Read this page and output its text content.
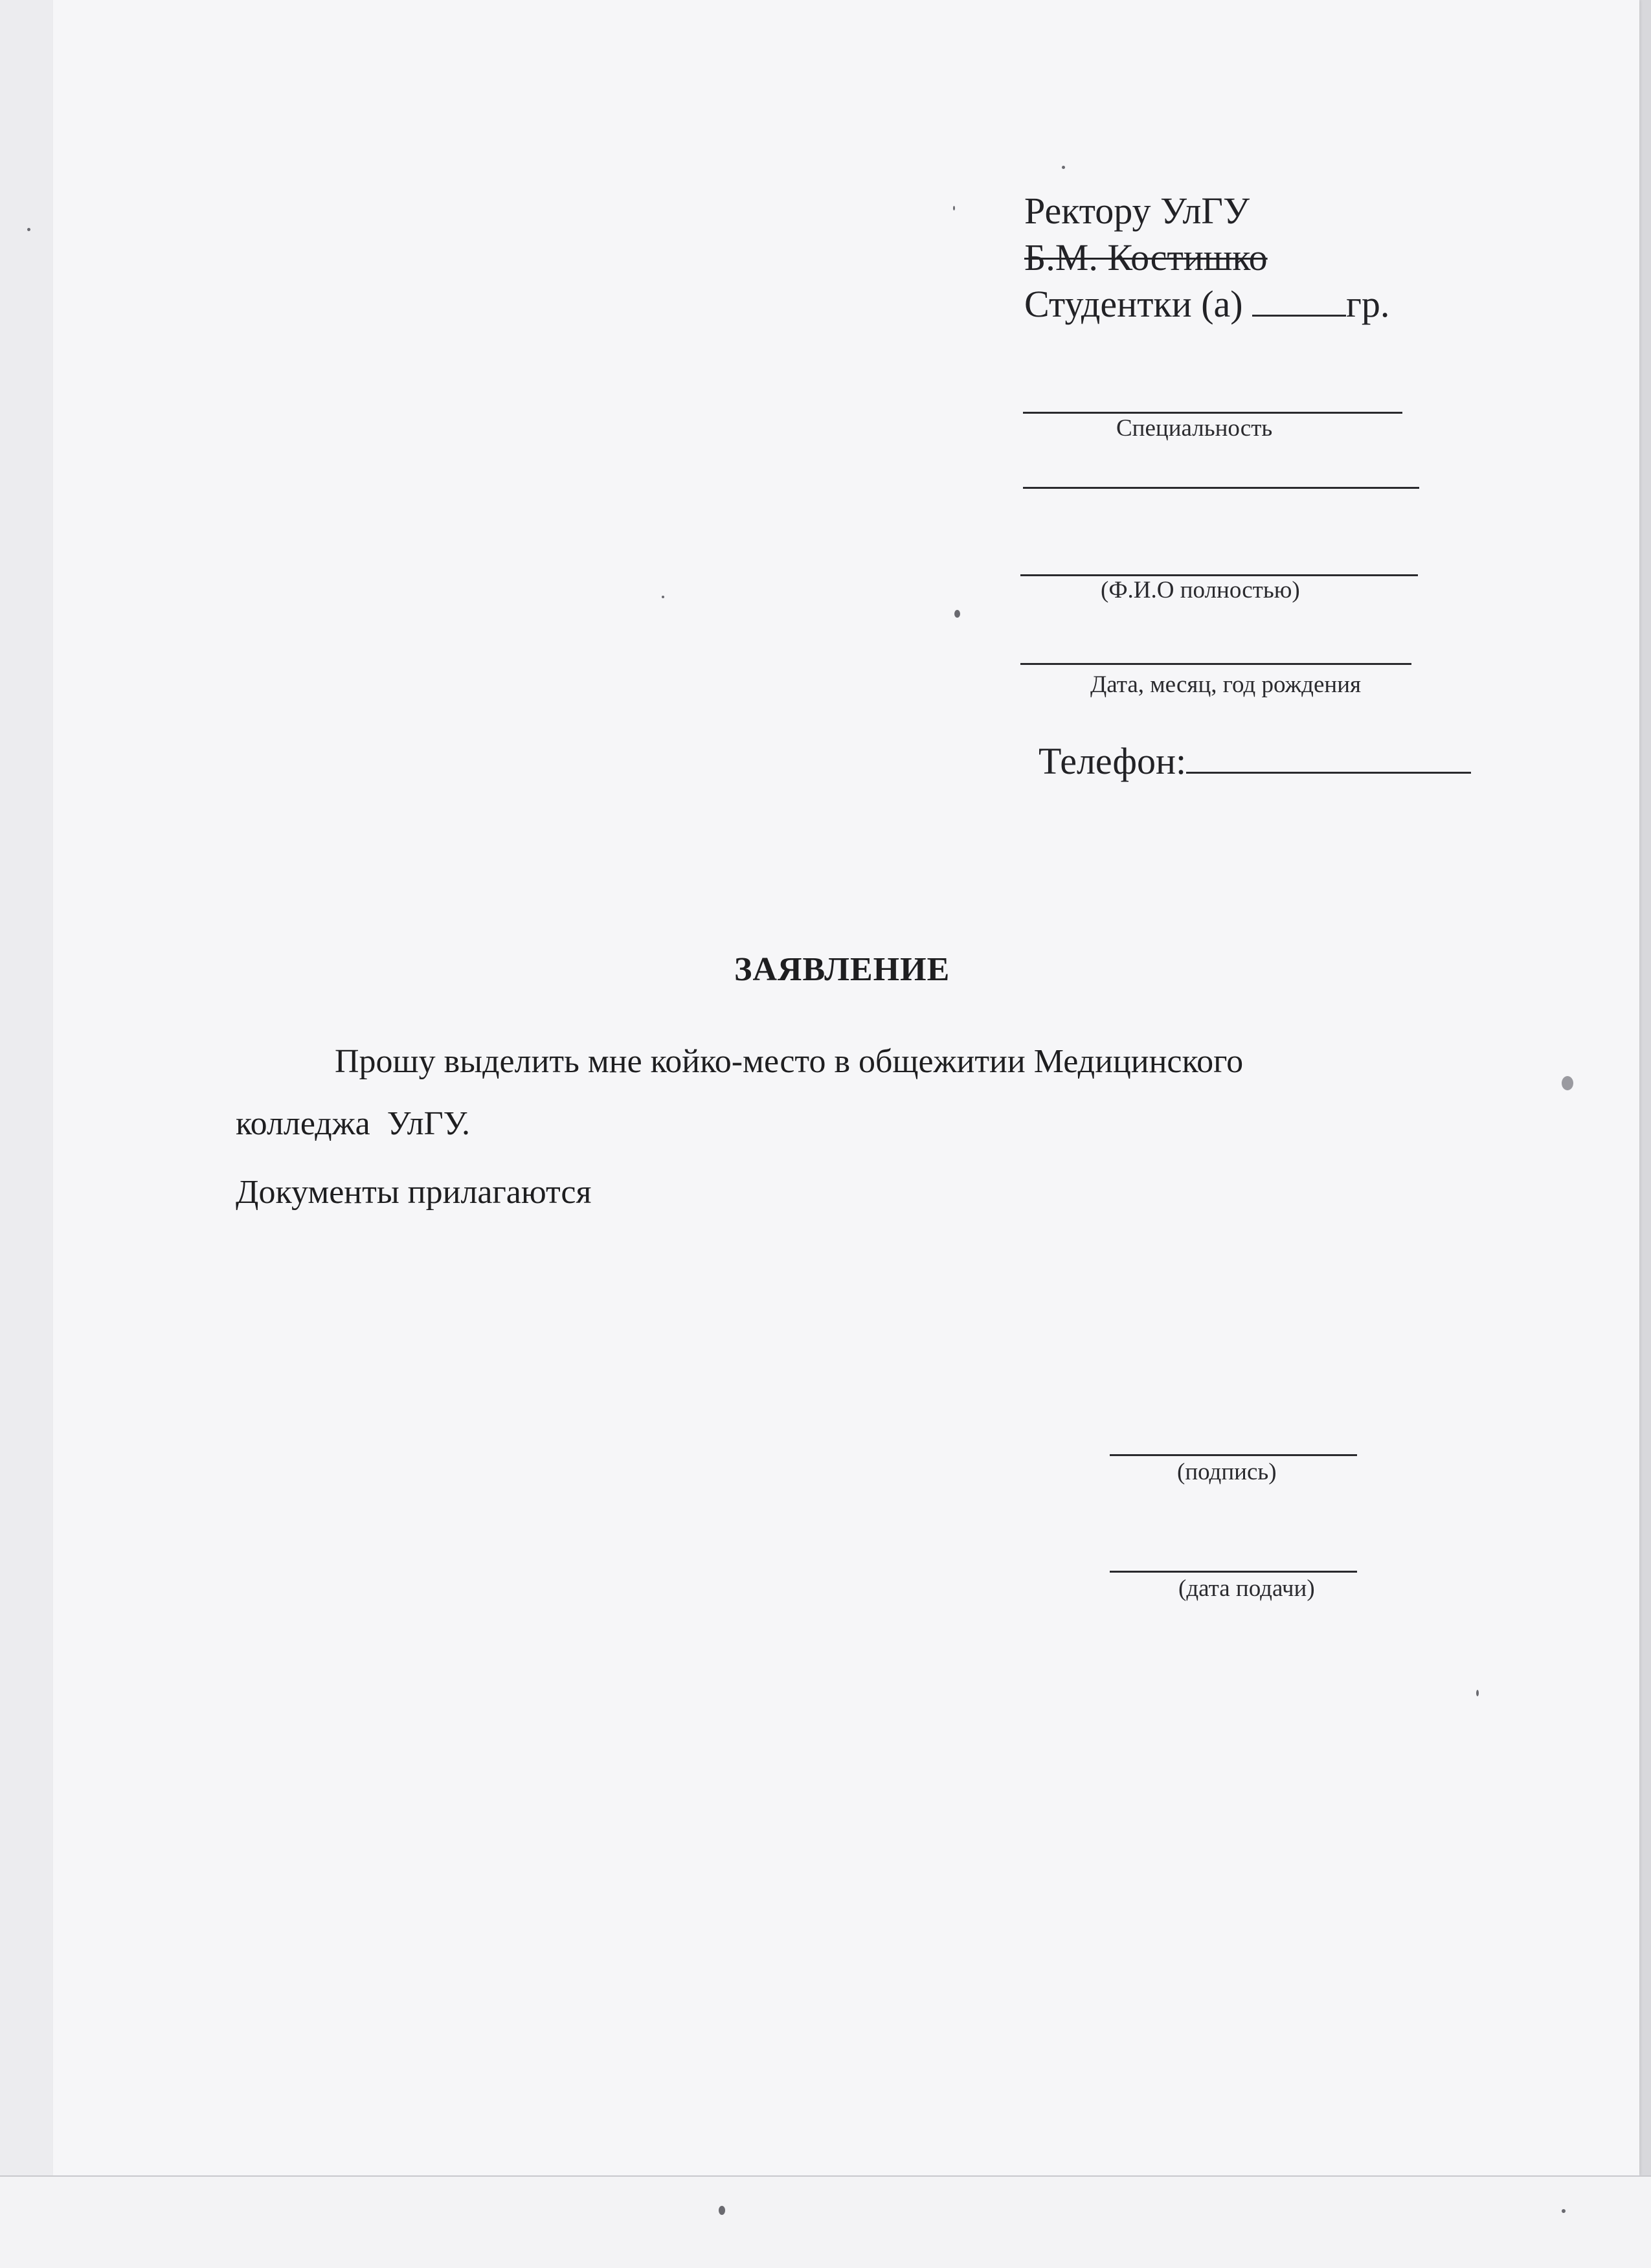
Ректору УлГУ
Б.М. Костишко
Студентки (а)	гр.
Специальность
(Ф.И.О полностью)
Дата, месяц, год рождения
Телефон:
ЗАЯВЛЕНИЕ
Прошу выделить мне койко-место в общежитии Медицинского
колледжа  УлГУ.
Документы прилагаются
(подпись)
(дата подачи)
